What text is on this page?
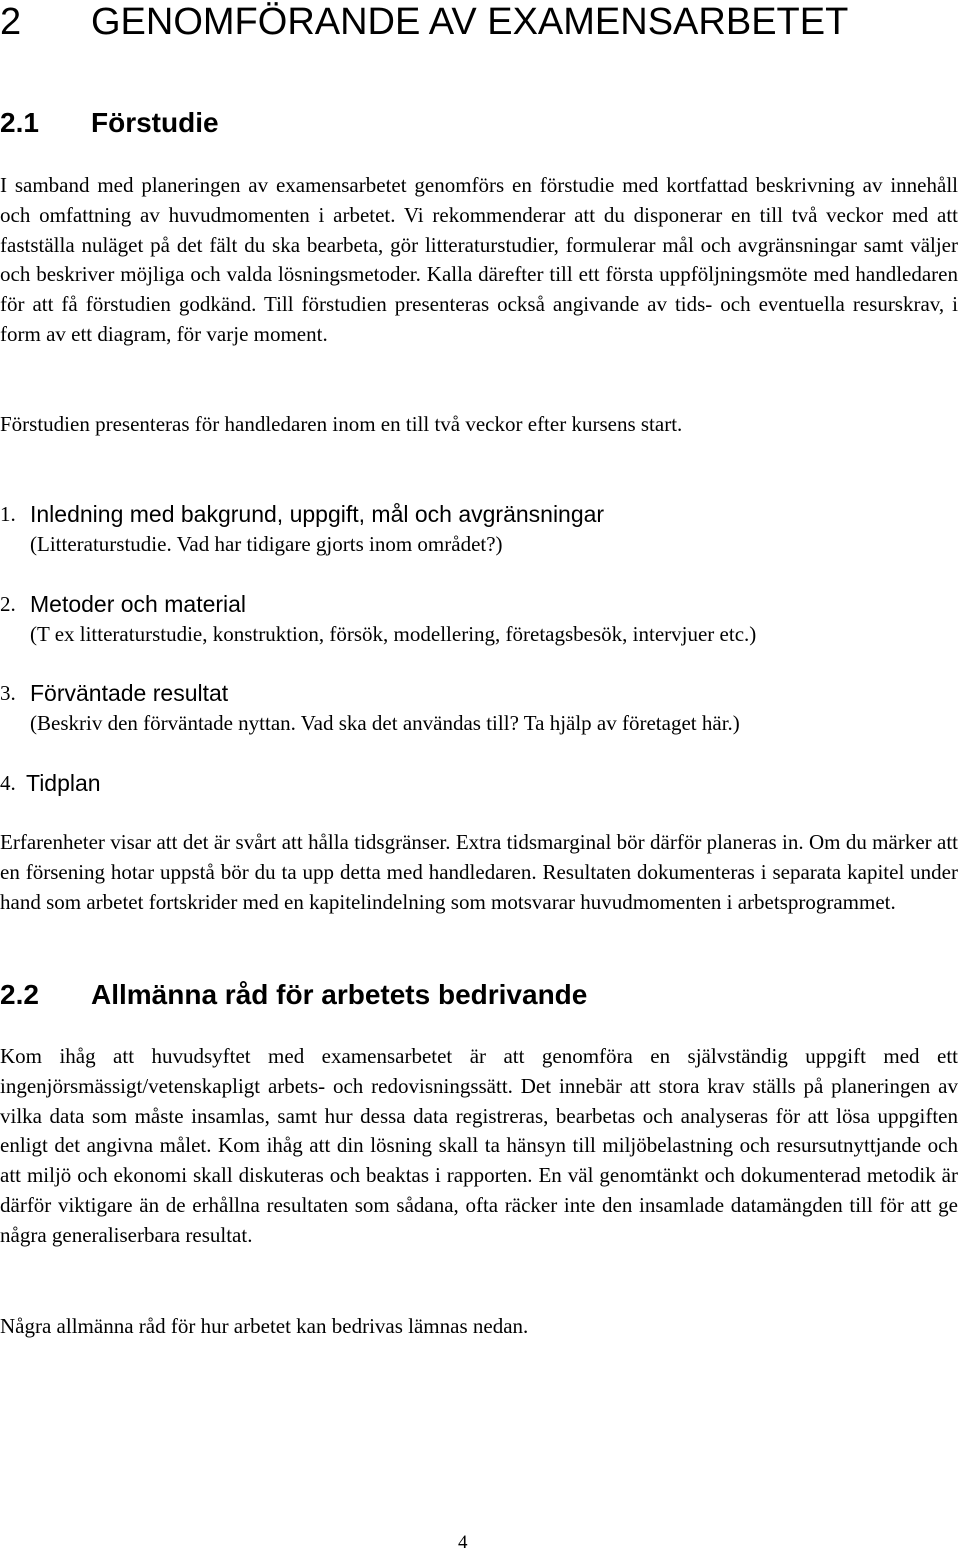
2 GENOMFÖRANDE AV EXAMENSARBETET
2.1 Förstudie

I samband med planeringen av examensarbetet genomförs en förstudie med kortfattad beskrivning av innehåll och omfattning av huvudmomenten i arbetet. Vi rekommenderar att du disponerar en till två veckor med att fastställa nuläget på det fält du ska bearbeta, gör litteraturstudier, formulerar mål och avgränsningar samt väljer och beskriver möjliga och valda lösningsmetoder. Kalla därefter till ett första uppföljningsmöte med handledaren för att få förstudien godkänd. Till förstudien presenteras också angivande av tids- och eventuella resurskrav, i form av ett diagram, för varje moment.

Förstudien presenteras för handledaren inom en till två veckor efter kursens start.

1. Inledning med bakgrund, uppgift, mål och avgränsningar
(Litteraturstudie. Vad har tidigare gjorts inom området?)
2. Metoder och material
(T ex litteraturstudie, konstruktion, försök, modellering, företagsbesök, intervjuer etc.)
3. Förväntade resultat
(Beskriv den förväntade nyttan. Vad ska det användas till? Ta hjälp av företaget här.)
4. Tidplan

Erfarenheter visar att det är svårt att hålla tidsgränser. Extra tidsmarginal bör därför planeras in. Om du märker att en försening hotar uppstå bör du ta upp detta med handledaren. Resultaten dokumenteras i separata kapitel under hand som arbetet fortskrider med en kapitelindelning som motsvarar huvudmomenten i arbetsprogrammet.

2.2 Allmänna råd för arbetets bedrivande

Kom ihåg att huvudsyftet med examensarbetet är att genomföra en självständig uppgift med ett ingenjörsmässigt/vetenskapligt arbets- och redovisningssätt. Det innebär att stora krav ställs på planeringen av vilka data som måste insamlas, samt hur dessa data registreras, bearbetas och analyseras för att lösa uppgiften enligt det angivna målet. Kom ihåg att din lösning skall ta hänsyn till miljöbelastning och resursutnyttjande och att miljö och ekonomi skall diskuteras och beaktas i rapporten. En väl genomtänkt och dokumenterad metodik är därför viktigare än de erhållna resultaten som sådana, ofta räcker inte den insamlade datamängden till för att ge några generaliserbara resultat.

Några allmänna råd för hur arbetet kan bedrivas lämnas nedan.

4
